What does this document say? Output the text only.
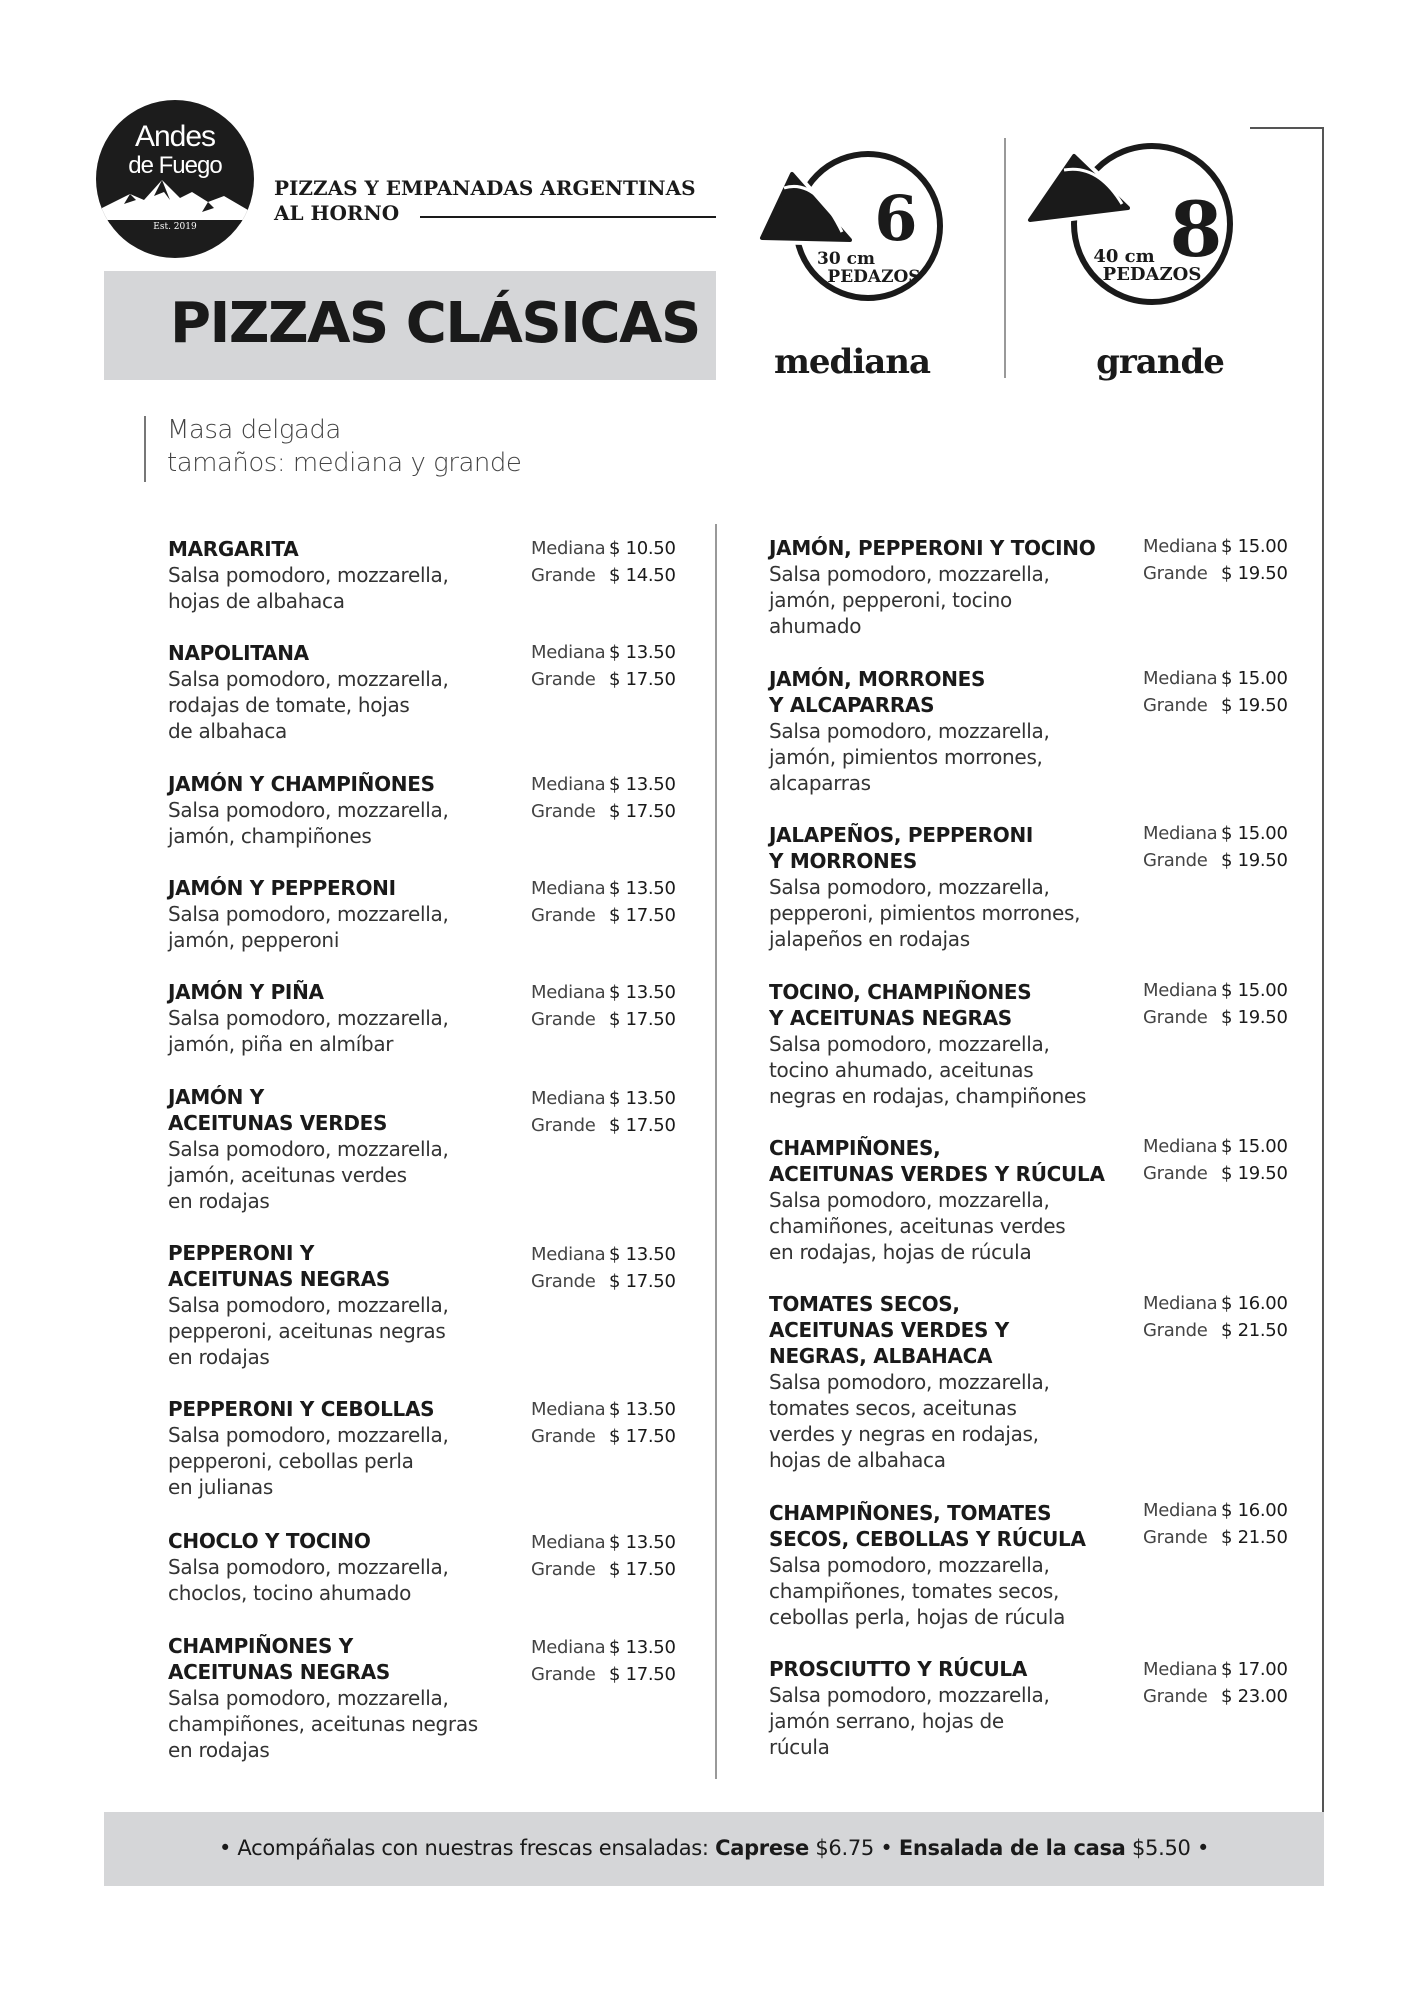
Andes
de Fuego
Est. 2019
PIZZAS Y EMPANADAS ARGENTINAS
AL HORNO
PIZZAS CLÁSICAS
6
30 cm
PEDAZOS
mediana
8
40 cm
PEDAZOS
grande
Masa delgada
tamaños: mediana y grande
MARGARITA
Salsa pomodoro, mozzarella,
hojas de albahaca
Mediana $ 10.50
Grande $ 14.50
NAPOLITANA
Salsa pomodoro, mozzarella,
rodajas de tomate, hojas
de albahaca
Mediana $ 13.50
Grande $ 17.50
JAMÓN Y CHAMPIÑONES
Salsa pomodoro, mozzarella,
jamón, champiñones
Mediana $ 13.50
Grande $ 17.50
JAMÓN Y PEPPERONI
Salsa pomodoro, mozzarella,
jamón, pepperoni
Mediana $ 13.50
Grande $ 17.50
JAMÓN Y PIÑA
Salsa pomodoro, mozzarella,
jamón, piña en almíbar
Mediana $ 13.50
Grande $ 17.50
JAMÓN Y
ACEITUNAS VERDES
Salsa pomodoro, mozzarella,
jamón, aceitunas verdes
en rodajas
Mediana $ 13.50
Grande $ 17.50
PEPPERONI Y
ACEITUNAS NEGRAS
Salsa pomodoro, mozzarella,
pepperoni, aceitunas negras
en rodajas
Mediana $ 13.50
Grande $ 17.50
PEPPERONI Y CEBOLLAS
Salsa pomodoro, mozzarella,
pepperoni, cebollas perla
en julianas
Mediana $ 13.50
Grande $ 17.50
CHOCLO Y TOCINO
Salsa pomodoro, mozzarella,
choclos, tocino ahumado
Mediana $ 13.50
Grande $ 17.50
CHAMPIÑONES Y
ACEITUNAS NEGRAS
Salsa pomodoro, mozzarella,
champiñones, aceitunas negras
en rodajas
Mediana $ 13.50
Grande $ 17.50
JAMÓN, PEPPERONI Y TOCINO
Salsa pomodoro, mozzarella,
jamón, pepperoni, tocino
ahumado
Mediana $ 15.00
Grande $ 19.50
JAMÓN, MORRONES
Y ALCAPARRAS
Salsa pomodoro, mozzarella,
jamón, pimientos morrones,
alcaparras
Mediana $ 15.00
Grande $ 19.50
JALAPEÑOS, PEPPERONI
Y MORRONES
Salsa pomodoro, mozzarella,
pepperoni, pimientos morrones,
jalapeños en rodajas
Mediana $ 15.00
Grande $ 19.50
TOCINO, CHAMPIÑONES
Y ACEITUNAS NEGRAS
Salsa pomodoro, mozzarella,
tocino ahumado, aceitunas
negras en rodajas, champiñones
Mediana $ 15.00
Grande $ 19.50
CHAMPIÑONES,
ACEITUNAS VERDES Y RÚCULA
Salsa pomodoro, mozzarella,
chamiñones, aceitunas verdes
en rodajas, hojas de rúcula
Mediana $ 15.00
Grande $ 19.50
TOMATES SECOS,
ACEITUNAS VERDES Y
NEGRAS, ALBAHACA
Salsa pomodoro, mozzarella,
tomates secos, aceitunas
verdes y negras en rodajas,
hojas de albahaca
Mediana $ 16.00
Grande $ 21.50
CHAMPIÑONES, TOMATES
SECOS, CEBOLLAS Y RÚCULA
Salsa pomodoro, mozzarella,
champiñones, tomates secos,
cebollas perla, hojas de rúcula
Mediana $ 16.00
Grande $ 21.50
PROSCIUTTO Y RÚCULA
Salsa pomodoro, mozzarella,
jamón serrano, hojas de
rúcula
Mediana $ 17.00
Grande $ 23.00
• Acompáñalas con nuestras frescas ensaladas: Caprese $6.75 • Ensalada de la casa $5.50 •
